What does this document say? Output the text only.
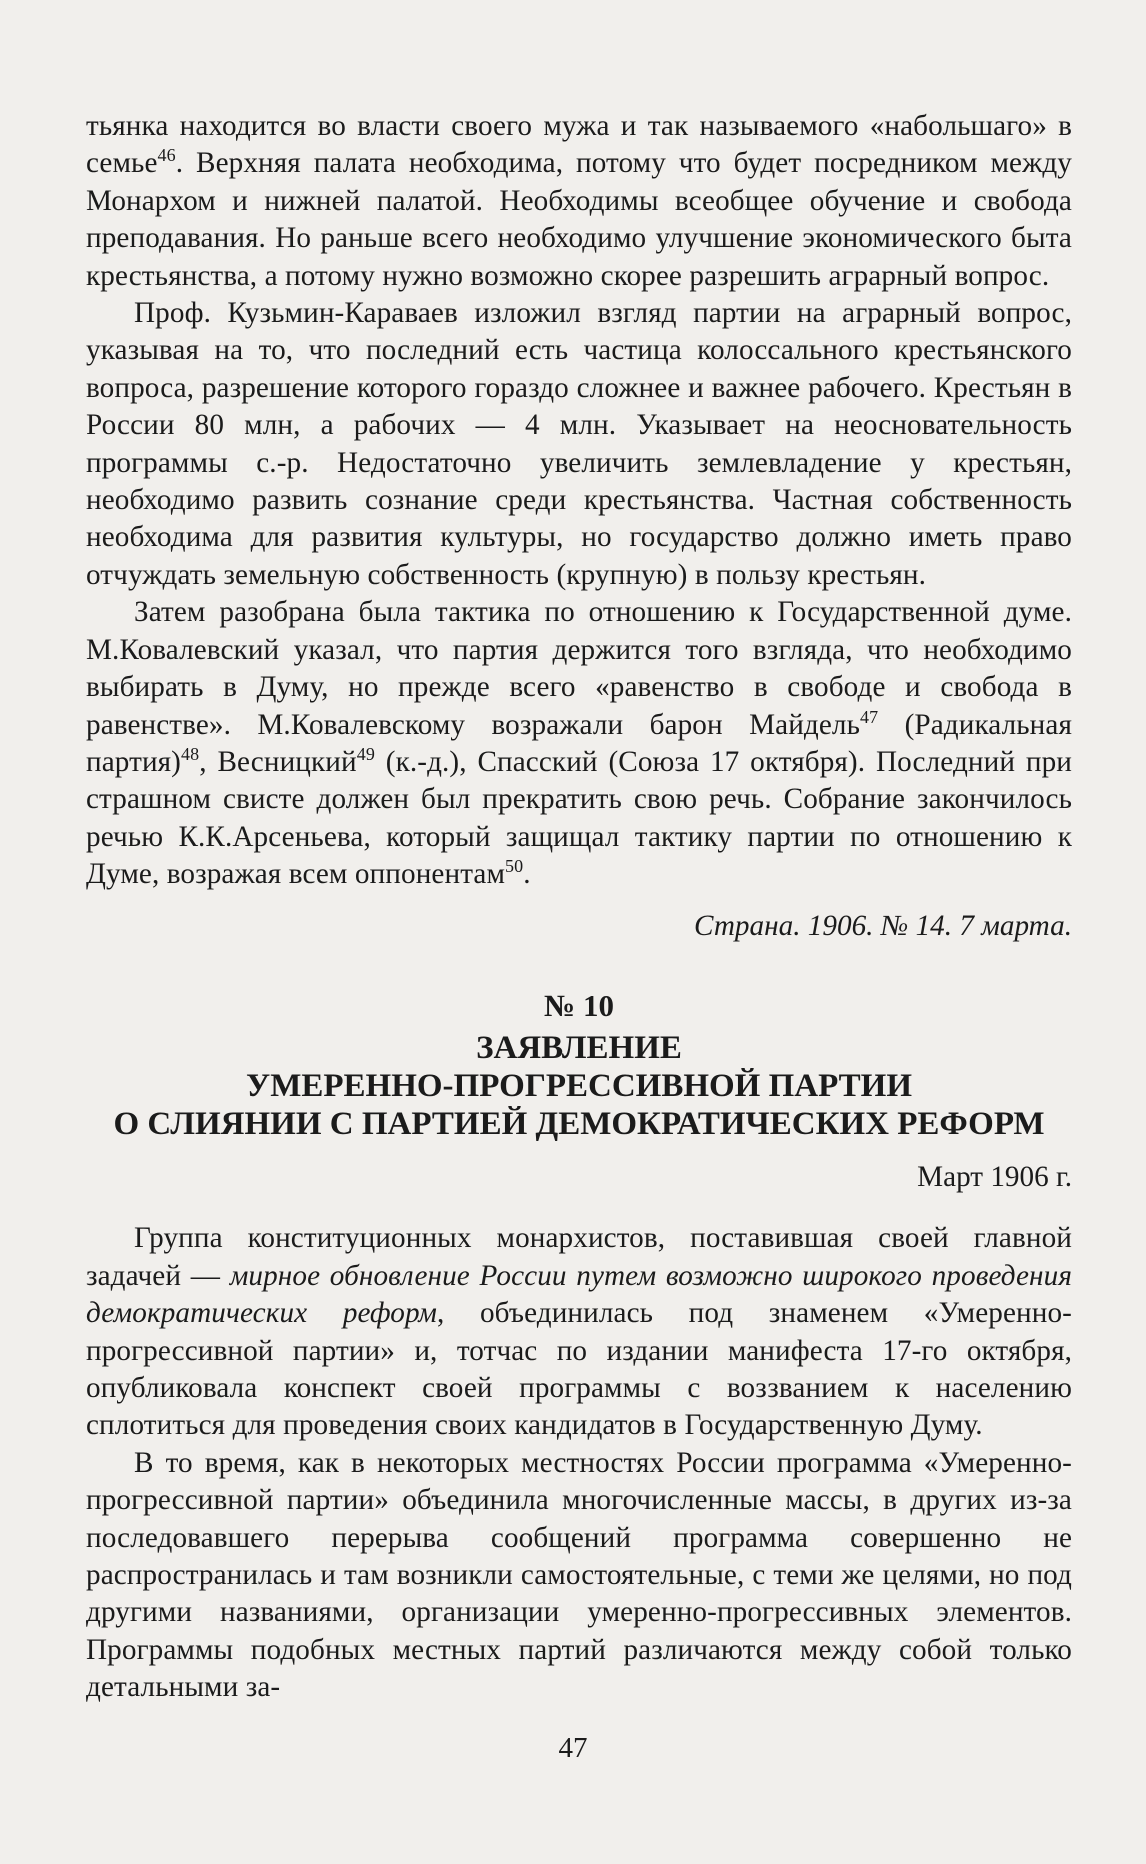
тьянка находится во власти своего мужа и так называемого «набольшаго» в семье$^{46}$. Верхняя палата необходима, потому что будет посредником между Монархом и нижней палатой. Необходимы всеобщее обучение и свобода преподавания. Но раньше всего необходимо улучшение экономического быта крестьянства, а потому нужно возможно скорее разрешить аграрный вопрос.

Проф. Кузьмин-Караваев изложил взгляд партии на аграрный вопрос, указывая на то, что последний есть частица колоссального крестьянского вопроса, разрешение которого гораздо сложнее и важнее рабочего. Крестьян в России 80 млн, а рабочих — 4 млн. Указывает на неосновательность программы с.-р. Недостаточно увеличить землевладение у крестьян, необходимо развить сознание среди крестьянства. Частная собственность необходима для развития культуры, но государство должно иметь право отчуждать земельную собственность (крупную) в пользу крестьян.

Затем разобрана была тактика по отношению к Государственной думе. М.Ковалевский указал, что партия держится того взгляда, что необходимо выбирать в Думу, но прежде всего «равенство в свободе и свобода в равенстве». М.Ковалевскому возражали барон Майдель$^{47}$ (Радикальная партия)$^{48}$, Весницкий$^{49}$ (к.-д.), Спасский (Союза 17 октября). Последний при страшном свисте должен был прекратить свою речь. Собрание закончилось речью К.К.Арсеньева, который защищал тактику партии по отношению к Думе, возражая всем оппонентам$^{50}$.

Страна. 1906. № 14. 7 марта.
№ 10
ЗАЯВЛЕНИЕ
УМЕРЕННО-ПРОГРЕССИВНОЙ ПАРТИИ
О СЛИЯНИИ С ПАРТИЕЙ ДЕМОКРАТИЧЕСКИХ РЕФОРМ
Март 1906 г.

Группа конституционных монархистов, поставившая своей главной задачей — мирное обновление России путем возможно широкого проведения демократических реформ, объединилась под знаменем «Умеренно-прогрессивной партии» и, тотчас по издании манифеста 17-го октября, опубликовала конспект своей программы с воззванием к населению сплотиться для проведения своих кандидатов в Государственную Думу.

В то время, как в некоторых местностях России программа «Умеренно-прогрессивной партии» объединила многочисленные массы, в других из-за последовавшего перерыва сообщений программа совершенно не распространилась и там возникли самостоятельные, с теми же целями, но под другими названиями, организации умеренно-прогрессивных элементов. Программы подобных местных партий различаются между собой только детальными за-

47
